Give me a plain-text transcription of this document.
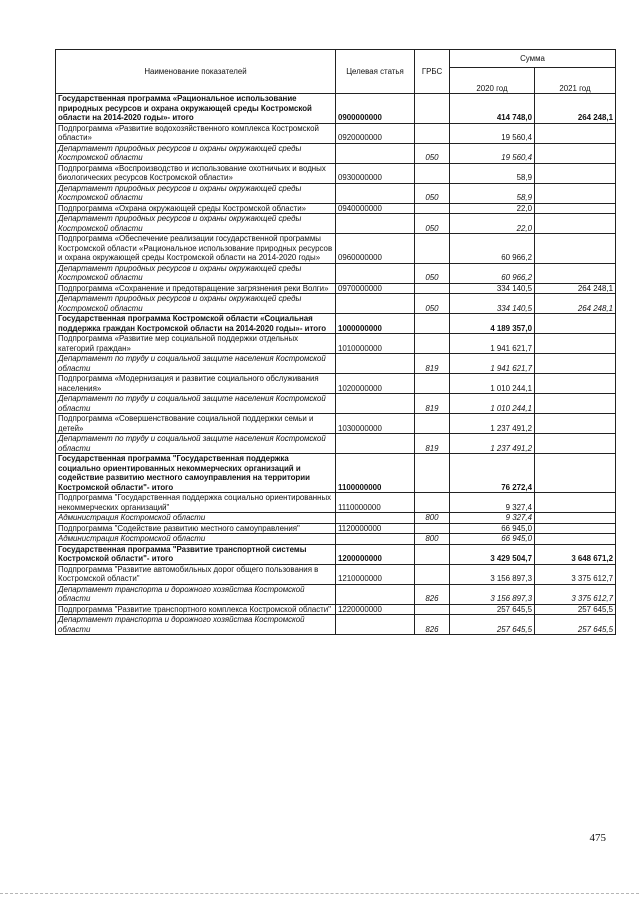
Наименование показателей	Целевая статья	ГРБС	Сумма	
			2020 год	2021 год
Государственная программа «Рациональное использование природных ресурсов и охрана окружающей среды Костромской области на 2014-2020 годы»- итого	0900000000		414 748,0	264 248,1
Подпрограмма «Развитие водохозяйственного комплекса Костромской области»	0920000000		19 560,4	
Департамент природных ресурсов и охраны окружающей среды Костромской области		050	19 560,4	
Подпрограмма «Воспроизводство и использование охотничьих и водных биологических ресурсов Костромской области»	0930000000		58,9	
Департамент природных ресурсов и охраны окружающей среды Костромской области		050	58,9	
Подпрограмма «Охрана окружающей среды Костромской области»	0940000000		22,0	
Департамент природных ресурсов и охраны окружающей среды Костромской области		050	22,0	
Подпрограмма «Обеспечение реализации государственной программы Костромской области «Рациональное использование природных ресурсов и охрана окружающей среды Костромской области на 2014-2020 годы»	0960000000		60 966,2	
Департамент природных ресурсов и охраны окружающей среды Костромской области		050	60 966,2	
Подпрограмма «Сохранение и предотвращение загрязнения реки Волги»	0970000000		334 140,5	264 248,1
Департамент природных ресурсов и охраны окружающей среды Костромской области		050	334 140,5	264 248,1
Государственная программа Костромской области «Социальная поддержка граждан Костромской области на 2014-2020 годы»- итого	1000000000		4 189 357,0	
Подпрограмма «Развитие мер социальной поддержки отдельных категорий граждан»	1010000000		1 941 621,7	
Департамент по труду и социальной защите населения Костромской области		819	1 941 621,7	
Подпрограмма «Модернизация и развитие социального обслуживания населения»	1020000000		1 010 244,1	
Департамент по труду и социальной защите населения Костромской области		819	1 010 244,1	
Подпрограмма «Совершенствование социальной поддержки семьи и детей»	1030000000		1 237 491,2	
Департамент по труду и социальной защите населения Костромской области		819	1 237 491,2	
Государственная программа "Государственная поддержка социально ориентированных некоммерческих организаций и содействие развитию местного самоуправления на территории Костромской области"- итого	1100000000		76 272,4	
Подпрограмма "Государственная поддержка социально ориентированных некоммерческих организаций"	1110000000		9 327,4	
Администрация Костромской области		800	9 327,4	
Подпрограмма "Содействие развитию местного самоуправления"	1120000000		66 945,0	
Администрация Костромской области		800	66 945,0	
Государственная программа "Развитие транспортной системы Костромской области"- итого	1200000000		3 429 504,7	3 648 671,2
Подпрограмма "Развитие автомобильных дорог общего пользования в Костромской области"	1210000000		3 156 897,3	3 375 612,7
Департамент транспорта и дорожного хозяйства Костромской области		826	3 156 897,3	3 375 612,7
Подпрограмма "Развитие транспортного комплекса Костромской области"	1220000000		257 645,5	257 645,5
Департамент транспорта и дорожного хозяйства Костромской области		826	257 645,5	257 645,5
475
